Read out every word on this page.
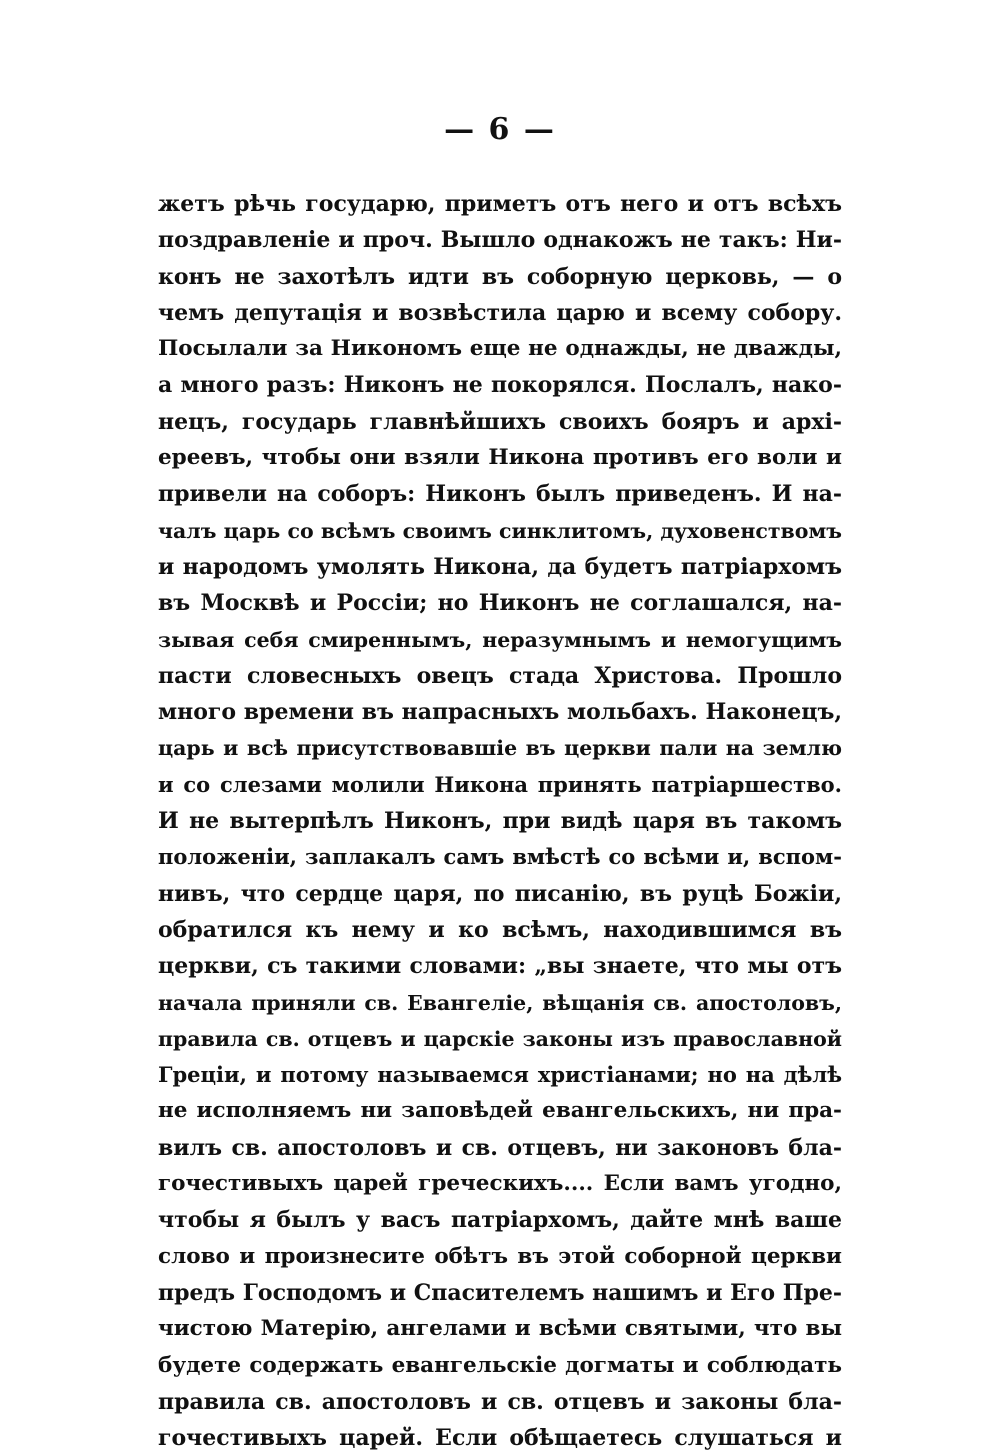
— 6 —
жетъ рѣчь государю, приметъ отъ него и отъ всѣхъ
поздравленіе и проч. Вышло однакожъ не такъ: Ни-
конъ не захотѣлъ идти въ соборную церковь, — о
чемъ депутація и возвѣстила царю и всему собору.
Посылали за Никономъ еще не однажды, не дважды,
а много разъ: Никонъ не покорялся. Послалъ, нако-
нецъ, государь главнѣйшихъ своихъ бояръ и архі-
ереевъ, чтобы они взяли Никона противъ его воли и
привели на соборъ: Никонъ былъ приведенъ. И на-
чалъ царь со всѣмъ своимъ синклитомъ, духовенствомъ
и народомъ умолять Никона, да будетъ патріархомъ
въ Москвѣ и Россіи; но Никонъ не соглашался, на-
зывая себя смиреннымъ, неразумнымъ и немогущимъ
пасти словесныхъ овецъ стада Христова. Прошло
много времени въ напрасныхъ мольбахъ. Наконецъ,
царь и всѣ присутствовавшіе въ церкви пали на землю
и со слезами молили Никона принять патріаршество.
И не вытерпѣлъ Никонъ, при видѣ царя въ такомъ
положеніи, заплакалъ самъ вмѣстѣ со всѣми и, вспом-
нивъ, что сердце царя, по писанію, въ руцѣ Божіи,
обратился къ нему и ко всѣмъ, находившимся въ
церкви, съ такими словами: „вы знаете, что мы отъ
начала приняли св. Евангеліе, вѣщанія св. апостоловъ,
правила св. отцевъ и царскіе законы изъ православной
Греціи, и потому называемся христіанами; но на дѣлѣ
не исполняемъ ни заповѣдей евангельскихъ, ни пра-
вилъ св. апостоловъ и св. отцевъ, ни законовъ бла-
гочестивыхъ царей греческихъ.... Если вамъ угодно,
чтобы я былъ у васъ патріархомъ, дайте мнѣ ваше
слово и произнесите обѣтъ въ этой соборной церкви
предъ Господомъ и Спасителемъ нашимъ и Его Пре-
чистою Матерію, ангелами и всѣми святыми, что вы
будете содержать евангельскіе догматы и соблюдать
правила св. апостоловъ и св. отцевъ и законы бла-
гочестивыхъ царей. Если обѣщаетесь слушаться и
